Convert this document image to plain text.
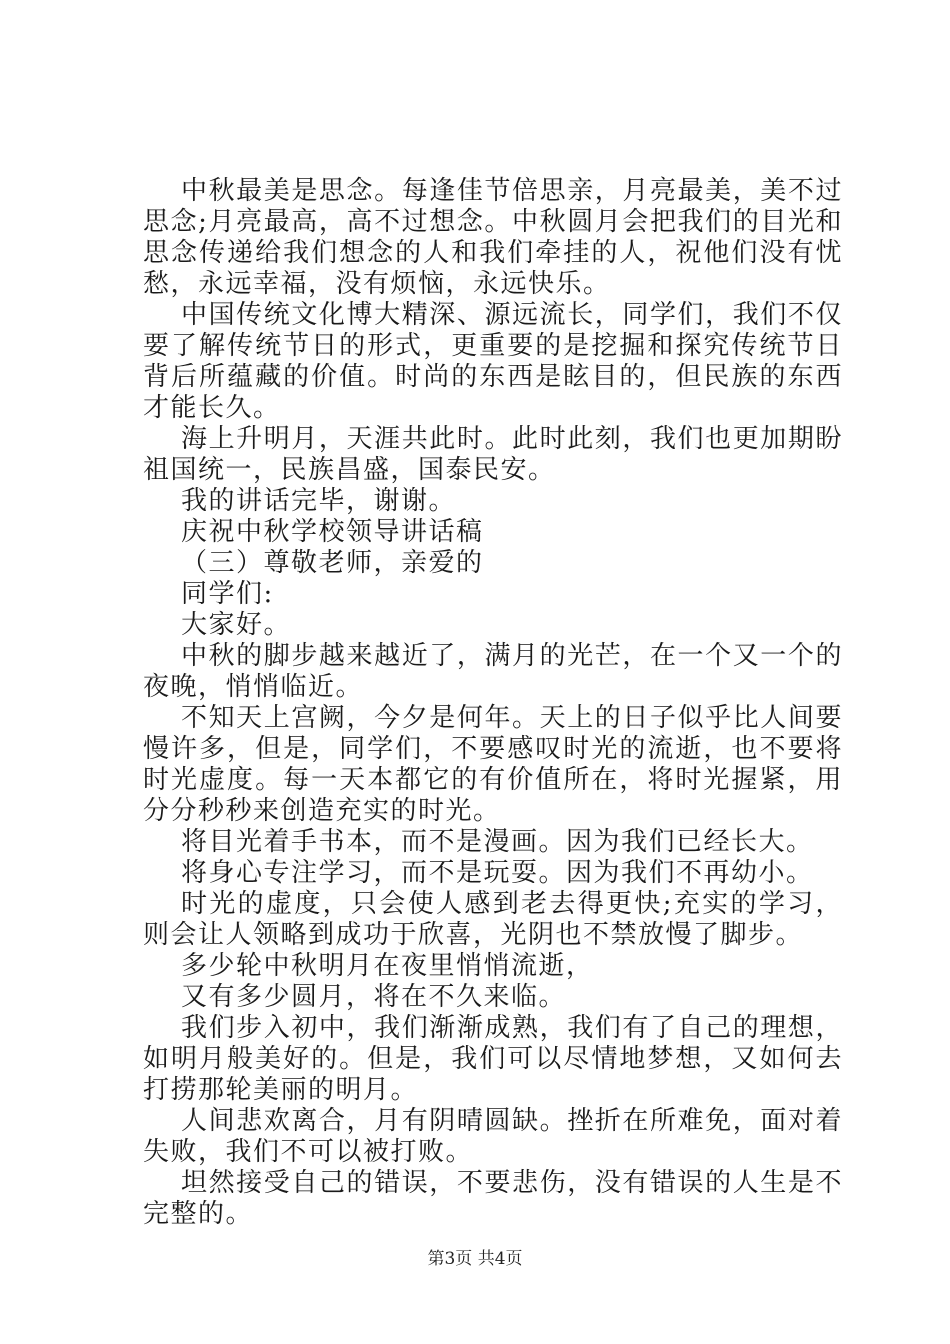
中秋最美是思念。每逢佳节倍思亲，月亮最美，美不过思念;月亮最高，高不过想念。中秋圆月会把我们的目光和思念传递给我们想念的人和我们牵挂的人，祝他们没有忧愁，永远幸福，没有烦恼，永远快乐。

中国传统文化博大精深、源远流长，同学们，我们不仅要了解传统节日的形式，更重要的是挖掘和探究传统节日背后所蕴藏的价值。时尚的东西是眩目的，但民族的东西才能长久。

海上升明月，天涯共此时。此时此刻，我们也更加期盼祖国统一，民族昌盛，国泰民安。

我的讲话完毕，谢谢。

庆祝中秋学校领导讲话稿

（三）尊敬老师，亲爱的

同学们:

大家好。

中秋的脚步越来越近了，满月的光芒，在一个又一个的夜晚，悄悄临近。

不知天上宫阙，今夕是何年。天上的日子似乎比人间要慢许多，但是，同学们，不要感叹时光的流逝，也不要将时光虚度。每一天本都它的有价值所在，将时光握紧，用分分秒秒来创造充实的时光。

将目光着手书本，而不是漫画。因为我们已经长大。

将身心专注学习，而不是玩耍。因为我们不再幼小。

时光的虚度，只会使人感到老去得更快;充实的学习，则会让人领略到成功于欣喜，光阴也不禁放慢了脚步。

多少轮中秋明月在夜里悄悄流逝，

又有多少圆月，将在不久来临。

我们步入初中，我们渐渐成熟，我们有了自己的理想，如明月般美好的。但是，我们可以尽情地梦想，又如何去打捞那轮美丽的明月。

人间悲欢离合，月有阴晴圆缺。挫折在所难免，面对着失败，我们不可以被打败。

坦然接受自己的错误，不要悲伤，没有错误的人生是不完整的。

第3页 共4页
